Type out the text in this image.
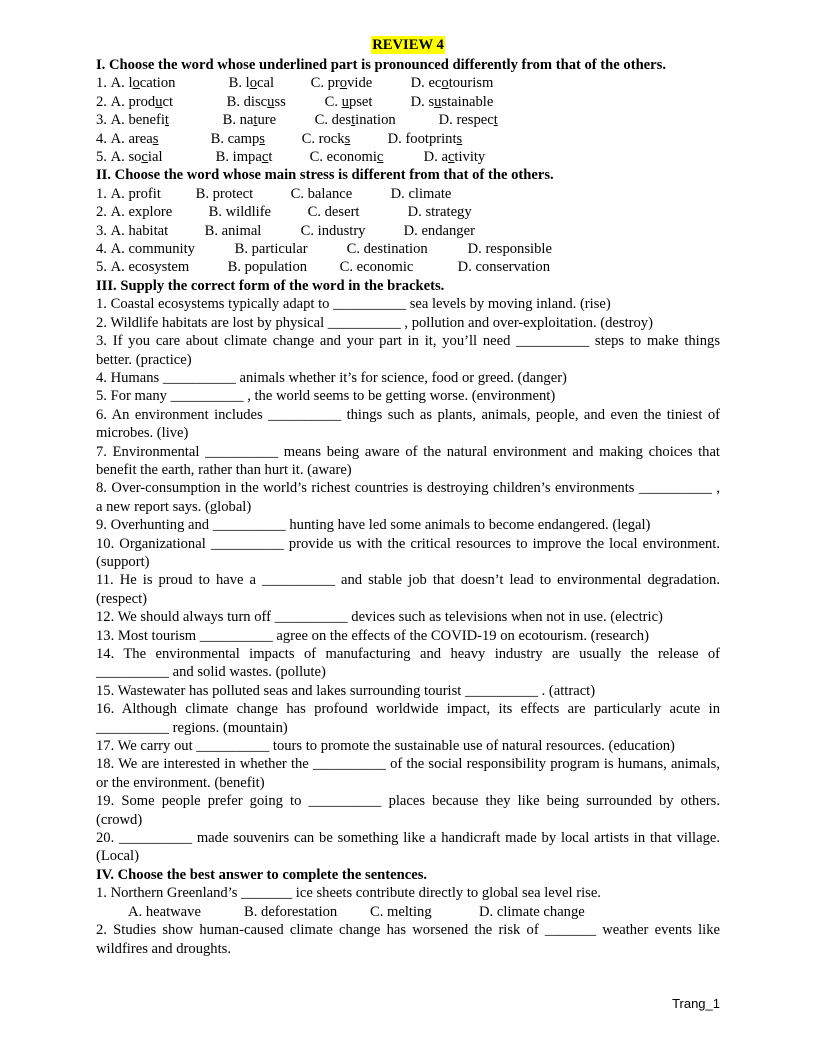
REVIEW 4
I. Choose the word whose underlined part is pronounced differently from that of the others.
1. A. location	B. local	C. provide	D. ecotourism
2. A. product	B. discuss	C. upset	D. sustainable
3. A. benefit	B. nature	C. destination	D. respect
4. A. areas	B. camps	C. rocks	D. footprints
5. A. social	B. impact	C. economic	D. activity
II. Choose the word whose main stress is different from that of the others.
1. A. profit B. protect	C. balance	D. climate
2. A. explore B. wildlife	C. desert	D. strategy
3. A. habitat B. animal	C. industry	D. endanger
4. A. community	B. particular	C. destination	D. responsible
5. A. ecosystem	B. population C. economic	D. conservation
III. Supply the correct form of the word in the brackets.
1. Coastal ecosystems typically adapt to __________ sea levels by moving inland. (rise)
2. Wildlife habitats are lost by physical __________ , pollution and over-exploitation. (destroy)
3. If you care about climate change and your part in it, you’ll need __________ steps to make things better. (practice)
4. Humans __________ animals whether it’s for science, food or greed. (danger)
5. For many __________ , the world seems to be getting worse. (environment)
6. An environment includes __________ things such as plants, animals, people, and even the tiniest of microbes. (live)
7. Environmental __________ means being aware of the natural environment and making choices that benefit the earth, rather than hurt it. (aware)
8. Over-consumption in the world’s richest countries is destroying children’s environments __________ , a new report says. (global)
9. Overhunting and __________ hunting have led some animals to become endangered. (legal)
10. Organizational __________ provide us with the critical resources to improve the local environment. (support)
11. He is proud to have a __________ and stable job that doesn’t lead to environmental degradation. (respect)
12. We should always turn off __________ devices such as televisions when not in use. (electric)
13. Most tourism __________ agree on the effects of the COVID-19 on ecotourism. (research)
14. The environmental impacts of manufacturing and heavy industry are usually the release of __________ and solid wastes. (pollute)
15. Wastewater has polluted seas and lakes surrounding tourist __________ . (attract)
16. Although climate change has profound worldwide impact, its effects are particularly acute in __________ regions. (mountain)
17. We carry out __________ tours to promote the sustainable use of natural resources. (education)
18. We are interested in whether the __________ of the social responsibility program is humans, animals, or the environment. (benefit)
19. Some people prefer going to __________ places because they like being surrounded by others. (crowd)
20. __________ made souvenirs can be something like a handicraft made by local artists in that village. (Local)
IV. Choose the best answer to complete the sentences.
1. Northern Greenland’s _______ ice sheets contribute directly to global sea level rise.
A. heatwave	B. deforestation C. melting	D. climate change
2. Studies show human-caused climate change has worsened the risk of _______ weather events like wildfires and droughts.
Trang_1
